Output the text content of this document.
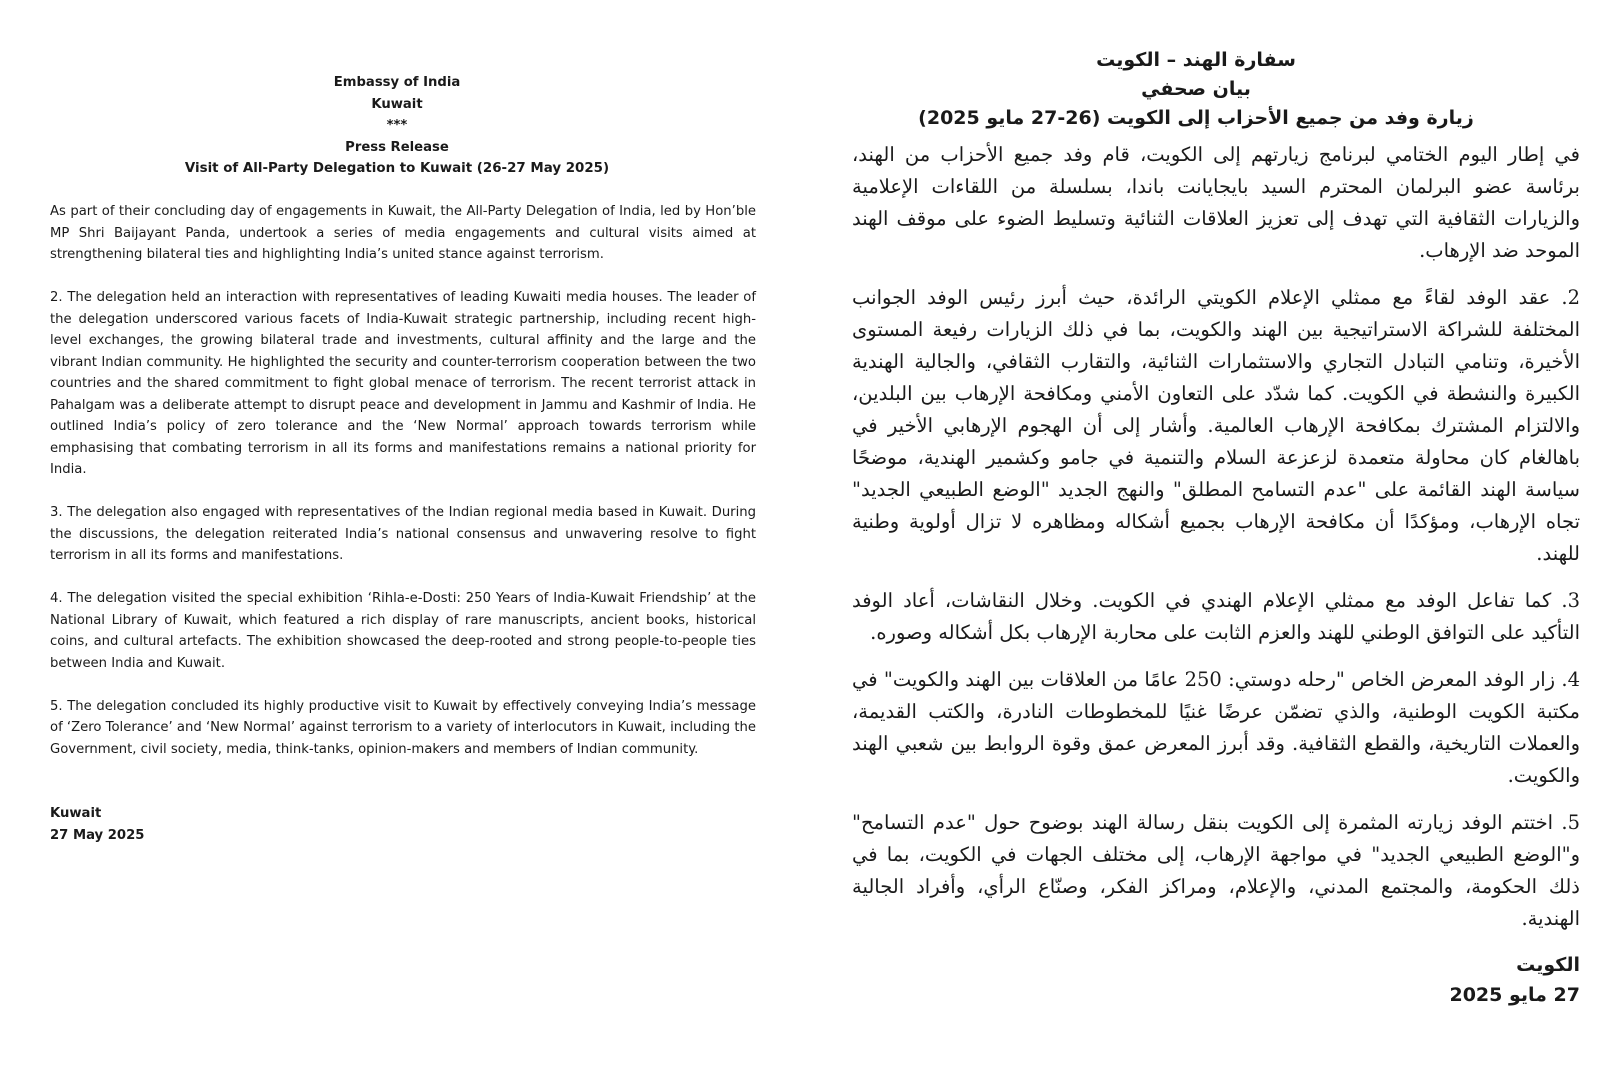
Embassy of India
Kuwait
***
Press Release
Visit of All-Party Delegation to Kuwait (26-27 May 2025)

As part of their concluding day of engagements in Kuwait, the All-Party Delegation of India, led by Hon’ble MP Shri Baijayant Panda, undertook a series of media engagements and cultural visits aimed at strengthening bilateral ties and highlighting India’s united stance against terrorism.

2. The delegation held an interaction with representatives of leading Kuwaiti media houses. The leader of the delegation underscored various facets of India-Kuwait strategic partnership, including recent high-level exchanges, the growing bilateral trade and investments, cultural affinity and the large and the vibrant Indian community. He highlighted the security and counter-terrorism cooperation between the two countries and the shared commitment to fight global menace of terrorism. The recent terrorist attack in Pahalgam was a deliberate attempt to disrupt peace and development in Jammu and Kashmir of India. He outlined India’s policy of zero tolerance and the ‘New Normal’ approach towards terrorism while emphasising that combating terrorism in all its forms and manifestations remains a national priority for India.

3. The delegation also engaged with representatives of the Indian regional media based in Kuwait. During the discussions, the delegation reiterated India’s national consensus and unwavering resolve to fight terrorism in all its forms and manifestations.

4. The delegation visited the special exhibition ‘Rihla-e-Dosti: 250 Years of India-Kuwait Friendship’ at the National Library of Kuwait, which featured a rich display of rare manuscripts, ancient books, historical coins, and cultural artefacts. The exhibition showcased the deep-rooted and strong people-to-people ties between India and Kuwait.

5. The delegation concluded its highly productive visit to Kuwait by effectively conveying India’s message of ‘Zero Tolerance’ and ‘New Normal’ against terrorism to a variety of interlocutors in Kuwait, including the Government, civil society, media, think-tanks, opinion-makers and members of Indian community.

Kuwait
27 May 2025
سفارة الهند – الكويت
بيان صحفي
زيارة وفد من جميع الأحزاب إلى الكويت (26-27 مايو 2025)

في إطار اليوم الختامي لبرنامج زيارتهم إلى الكويت، قام وفد جميع الأحزاب من الهند، برئاسة عضو البرلمان المحترم السيد بايجايانت باندا، بسلسلة من اللقاءات الإعلامية والزيارات الثقافية التي تهدف إلى تعزيز العلاقات الثنائية وتسليط الضوء على موقف الهند الموحد ضد الإرهاب.

2. عقد الوفد لقاءً مع ممثلي الإعلام الكويتي الرائدة، حيث أبرز رئيس الوفد الجوانب المختلفة للشراكة الاستراتيجية بين الهند والكويت، بما في ذلك الزيارات رفيعة المستوى الأخيرة، وتنامي التبادل التجاري والاستثمارات الثنائية، والتقارب الثقافي، والجالية الهندية الكبيرة والنشطة في الكويت. كما شدّد على التعاون الأمني ومكافحة الإرهاب بين البلدين، والالتزام المشترك بمكافحة الإرهاب العالمية. وأشار إلى أن الهجوم الإرهابي الأخير في باهالغام كان محاولة متعمدة لزعزعة السلام والتنمية في جامو وكشمير الهندية، موضحًا سياسة الهند القائمة على "عدم التسامح المطلق" والنهج الجديد "الوضع الطبيعي الجديد" تجاه الإرهاب، ومؤكدًا أن مكافحة الإرهاب بجميع أشكاله ومظاهره لا تزال أولوية وطنية للهند.

3. كما تفاعل الوفد مع ممثلي الإعلام الهندي في الكويت. وخلال النقاشات، أعاد الوفد التأكيد على التوافق الوطني للهند والعزم الثابت على محاربة الإرهاب بكل أشكاله وصوره.

4. زار الوفد المعرض الخاص "رحله دوستي: 250 عامًا من العلاقات بين الهند والكويت" في مكتبة الكويت الوطنية، والذي تضمّن عرضًا غنيًا للمخطوطات النادرة، والكتب القديمة، والعملات التاريخية، والقطع الثقافية. وقد أبرز المعرض عمق وقوة الروابط بين شعبي الهند والكويت.

5. اختتم الوفد زيارته المثمرة إلى الكويت بنقل رسالة الهند بوضوح حول "عدم التسامح" و"الوضع الطبيعي الجديد" في مواجهة الإرهاب، إلى مختلف الجهات في الكويت، بما في ذلك الحكومة، والمجتمع المدني، والإعلام، ومراكز الفكر، وصنّاع الرأي، وأفراد الجالية الهندية.

الكويت
27 مايو 2025
